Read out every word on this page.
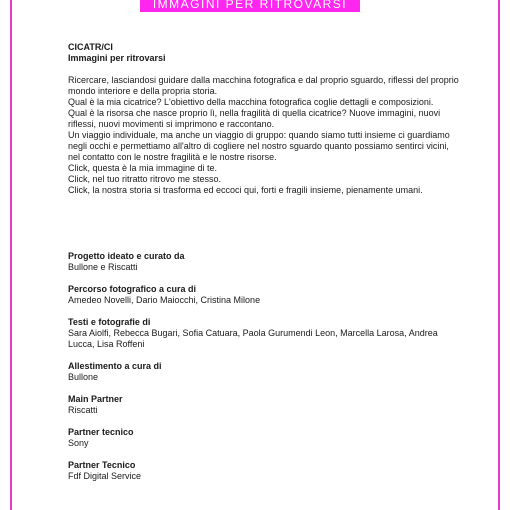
IMMAGINI PER RITROVARSI
CICATR/CI
Immagini per ritrovarsi

Ricercare, lasciandosi guidare dalla macchina fotografica e dal proprio sguardo, riflessi del proprio mondo interiore e della propria storia.

Qual è la mia cicatrice? L'obiettivo della macchina fotografica coglie dettagli e composizioni.

Qual è la risorsa che nasce proprio lì, nella fragilità di quella cicatrice? Nuove immagini, nuovi riflessi, nuovi movimenti si imprimono e raccontano.

Un viaggio individuale, ma anche un viaggio di gruppo: quando siamo tutti insieme ci guardiamo negli occhi e permettiamo all'altro di cogliere nel nostro sguardo quanto possiamo sentirci vicini, nel contatto con le nostre fragilità e le nostre risorse.

Click, questa è la mia immagine di te.

Click, nel tuo ritratto ritrovo me stesso.

Click, la nostra storia si trasforma ed eccoci qui, forti e fragili insieme, pienamente umani.

Progetto ideato e curato da
Bullone e Riscatti
Percorso fotografico a cura di
Amedeo Novelli, Dario Maiocchi, Cristina Milone
Testi e fotografie di
Sara Aiolfi, Rebecca Bugari, Sofia Catuara, Paola Gurumendi Leon, Marcella Larosa, Andrea Lucca, Lisa Roffeni
Allestimento a cura di
Bullone
Main Partner
Riscatti
Partner tecnico
Sony
Partner Tecnico
Fdf Digital Service
